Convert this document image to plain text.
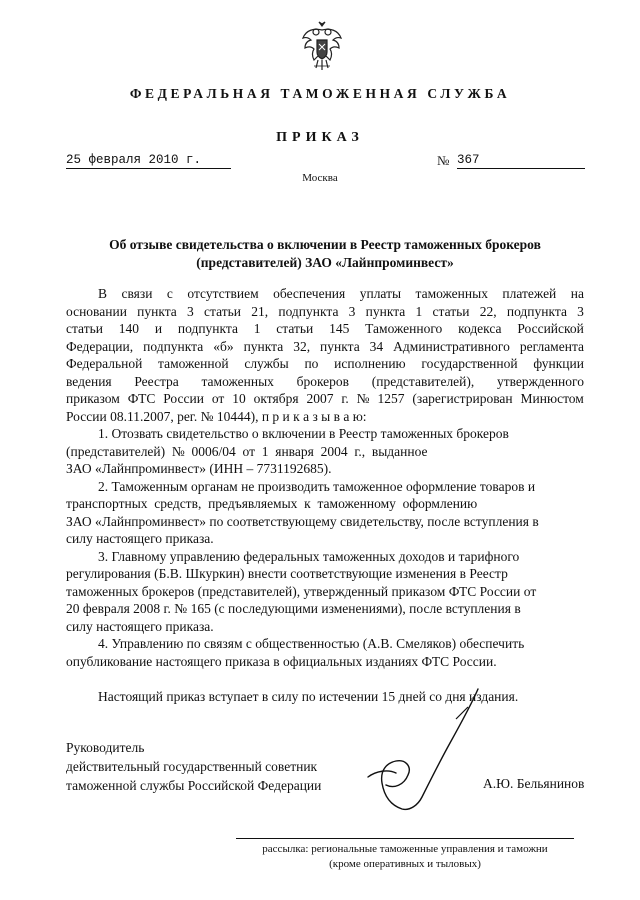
ФЕДЕРАЛЬНАЯ ТАМОЖЕННАЯ СЛУЖБА
ПРИКАЗ
25 февраля 2010 г.	№ 367
Москва
Об отзыве свидетельства о включении в Реестр таможенных брокеров
(представителей) ЗАО «Лайнпроминвест»
В связи с отсутствием обеспечения уплаты таможенных платежей на
основании пункта 3 статьи 21, подпункта 3 пункта 1 статьи 22, подпункта 3
статьи 140 и подпункта 1 статьи 145 Таможенного кодекса Российской
Федерации, подпункта «б» пункта 32, пункта 34 Административного регламента
Федеральной таможенной службы по исполнению государственной функции
ведения Реестра таможенных брокеров (представителей), утвержденного
приказом ФТС России от 10 октября 2007 г. № 1257 (зарегистрирован Минюстом
России 08.11.2007, рег. № 10444), п р и к а з ы в а ю:
1. Отозвать свидетельство о включении в Реестр таможенных брокеров
(представителей)  №  0006/04  от  1  января  2004  г.,  выданное
ЗАО «Лайнпроминвест» (ИНН – 7731192685).
2. Таможенным органам не производить таможенное оформление товаров и
транспортных  средств,  предъявляемых  к  таможенному  оформлению
ЗАО «Лайнпроминвест» по соответствующему свидетельству, после вступления в
силу настоящего приказа.
3. Главному управлению федеральных таможенных доходов и тарифного
регулирования (Б.В. Шкуркин) внести соответствующие изменения в Реестр
таможенных брокеров (представителей), утвержденный приказом ФТС России от
20 февраля 2008 г. № 165 (с последующими изменениями), после вступления в
силу настоящего приказа.
4. Управлению по связям с общественностью (А.В. Смеляков) обеспечить
опубликование настоящего приказа в официальных изданиях ФТС России.
Настоящий приказ вступает в силу по истечении 15 дней со дня издания.
Руководитель
действительный государственный советник
таможенной службы Российской Федерации	А.Ю. Бельянинов
рассылка: региональные таможенные управления и таможни
(кроме оперативных и тыловых)
